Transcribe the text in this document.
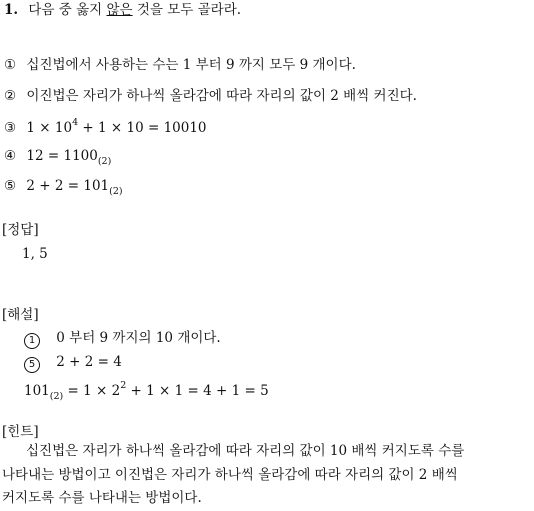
1. 다음 중 옳지 않은 것을 모두 골라라.
① 십진법에서 사용하는 수는 1 부터 9 까지 모두 9 개이다.
② 이진법은 자리가 하나씩 올라감에 따라 자리의 값이 2 배씩 커진다.
③ $1 \times 10^4 + 1 \times 10 = 10010$
④ $12 = 1100_{(2)}$
⑤ $2 + 2 = 101_{(2)}$
[정답]
1, 5
[해설]
1 0 부터 9 까지의 10 개이다.
5 2 + 2 = 4
$101_{(2)} = 1 \times 2^2 + 1 \times 1 = 4 + 1 = 5$
[힌트]
십진법은 자리가 하나씩 올라감에 따라 자리의 값이 10 배씩 커지도록 수를
나타내는 방법이고 이진법은 자리가 하나씩 올라감에 따라 자리의 값이 2 배씩
커지도록 수를 나타내는 방법이다.
